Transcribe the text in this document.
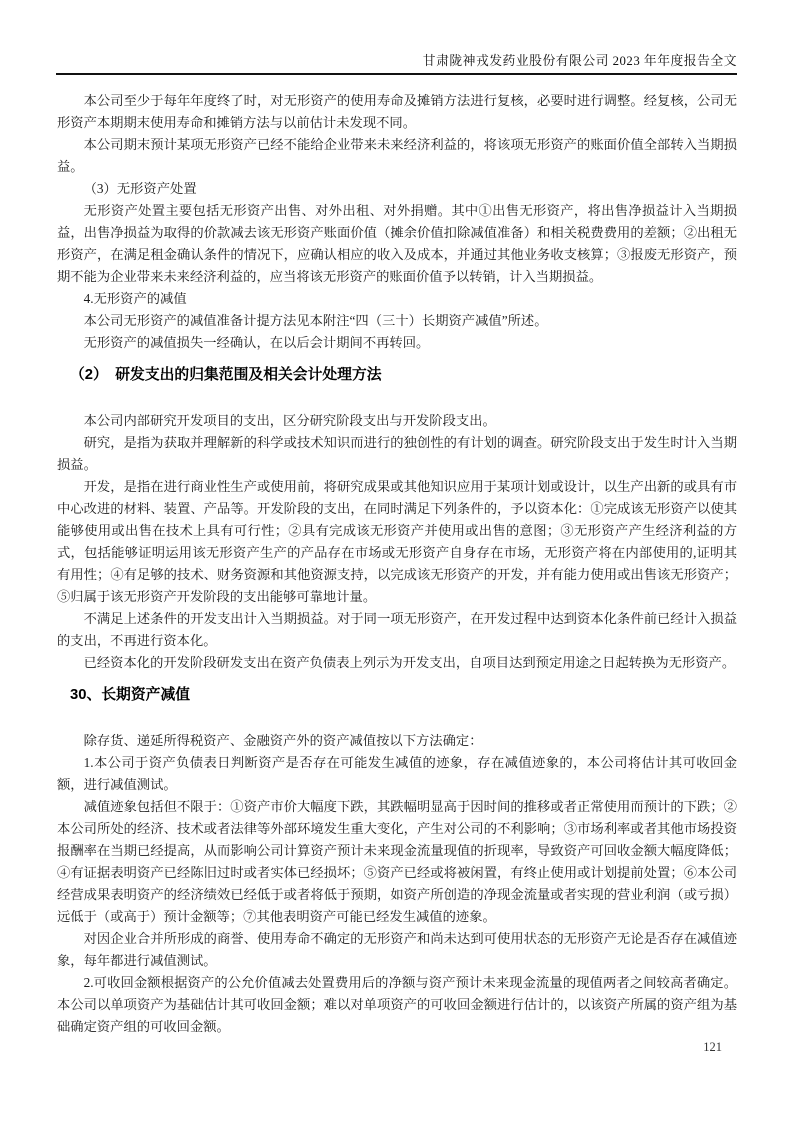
甘肃陇神戎发药业股份有限公司 2023 年年度报告全文

本公司至少于每年年度终了时，对无形资产的使用寿命及摊销方法进行复核，必要时进行调整。经复核，公司无形资产本期期末使用寿命和摊销方法与以前估计未发现不同。

本公司期末预计某项无形资产已经不能给企业带来未来经济利益的，将该项无形资产的账面价值全部转入当期损益。

（3）无形资产处置

无形资产处置主要包括无形资产出售、对外出租、对外捐赠。其中①出售无形资产，将出售净损益计入当期损益，出售净损益为取得的价款减去该无形资产账面价值（摊余价值扣除减值准备）和相关税费费用的差额；②出租无形资产，在满足租金确认条件的情况下，应确认相应的收入及成本，并通过其他业务收支核算；③报废无形资产，预期不能为企业带来未来经济利益的，应当将该无形资产的账面价值予以转销，计入当期损益。

4.无形资产的减值

本公司无形资产的减值准备计提方法见本附注“四（三十）长期资产减值”所述。

无形资产的减值损失一经确认，在以后会计期间不再转回。

（2）　研发支出的归集范围及相关会计处理方法

本公司内部研究开发项目的支出，区分研究阶段支出与开发阶段支出。

研究，是指为获取并理解新的科学或技术知识而进行的独创性的有计划的调查。研究阶段支出于发生时计入当期损益。

开发，是指在进行商业性生产或使用前，将研究成果或其他知识应用于某项计划或设计，以生产出新的或具有市中心改进的材料、装置、产品等。开发阶段的支出，在同时满足下列条件的，予以资本化：①完成该无形资产以使其能够使用或出售在技术上具有可行性；②具有完成该无形资产并使用或出售的意图；③无形资产产生经济利益的方式，包括能够证明运用该无形资产生产的产品存在市场或无形资产自身存在市场，无形资产将在内部使用的,证明其有用性；④有足够的技术、财务资源和其他资源支持，以完成该无形资产的开发，并有能力使用或出售该无形资产；⑤归属于该无形资产开发阶段的支出能够可靠地计量。

不满足上述条件的开发支出计入当期损益。对于同一项无形资产，在开发过程中达到资本化条件前已经计入损益的支出，不再进行资本化。

已经资本化的开发阶段研发支出在资产负债表上列示为开发支出，自项目达到预定用途之日起转换为无形资产。

30、长期资产减值

除存货、递延所得税资产、金融资产外的资产减值按以下方法确定：

1.本公司于资产负债表日判断资产是否存在可能发生减值的迹象，存在减值迹象的，本公司将估计其可收回金额，进行减值测试。

减值迹象包括但不限于：①资产市价大幅度下跌，其跌幅明显高于因时间的推移或者正常使用而预计的下跌；②本公司所处的经济、技术或者法律等外部环境发生重大变化，产生对公司的不利影响；③市场利率或者其他市场投资报酬率在当期已经提高，从而影响公司计算资产预计未来现金流量现值的折现率，导致资产可回收金额大幅度降低；④有证据表明资产已经陈旧过时或者实体已经损坏；⑤资产已经或将被闲置，有终止使用或计划提前处置；⑥本公司经营成果表明资产的经济绩效已经低于或者将低于预期，如资产所创造的净现金流量或者实现的营业利润（或亏损）远低于（或高于）预计金额等；⑦其他表明资产可能已经发生减值的迹象。

对因企业合并所形成的商誉、使用寿命不确定的无形资产和尚未达到可使用状态的无形资产无论是否存在减值迹象，每年都进行减值测试。

2.可收回金额根据资产的公允价值减去处置费用后的净额与资产预计未来现金流量的现值两者之间较高者确定。本公司以单项资产为基础估计其可收回金额；难以对单项资产的可收回金额进行估计的，以该资产所属的资产组为基础确定资产组的可收回金额。

121
